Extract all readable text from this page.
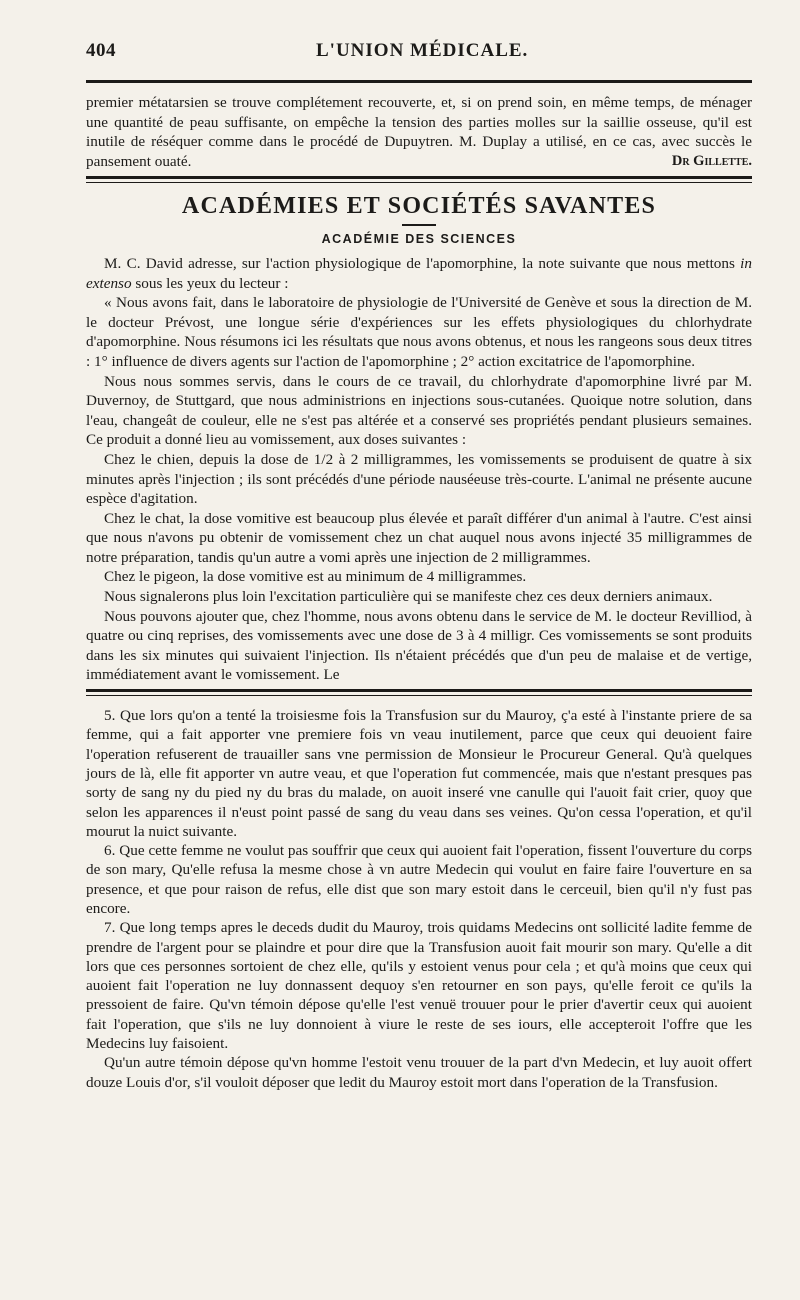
404	L'UNION MÉDICALE.

premier métatarsien se trouve complétement recouverte, et, si on prend soin, en même temps, de ménager une quantité de peau suffisante, on empêche la tension des parties molles sur la saillie osseuse, qu'il est inutile de réséquer comme dans le procédé de Dupuytren. M. Duplay a utilisé, en ce cas, avec succès le pansement ouaté.	Dr Gillette.
ACADÉMIES ET SOCIÉTÉS SAVANTES
ACADÉMIE DES SCIENCES

M. C. David adresse, sur l'action physiologique de l'apomorphine, la note suivante que nous mettons in extenso sous les yeux du lecteur :

« Nous avons fait, dans le laboratoire de physiologie de l'Université de Genève et sous la direction de M. le docteur Prévost, une longue série d'expériences sur les effets physiologiques du chlorhydrate d'apomorphine. Nous résumons ici les résultats que nous avons obtenus, et nous les rangeons sous deux titres : 1° influence de divers agents sur l'action de l'apomorphine ; 2° action excitatrice de l'apomorphine.

Nous nous sommes servis, dans le cours de ce travail, du chlorhydrate d'apomorphine livré par M. Duvernoy, de Stuttgard, que nous administrions en injections sous-cutanées. Quoique notre solution, dans l'eau, changeât de couleur, elle ne s'est pas altérée et a conservé ses propriétés pendant plusieurs semaines. Ce produit a donné lieu au vomissement, aux doses suivantes :

Chez le chien, depuis la dose de 1/2 à 2 milligrammes, les vomissements se produisent de quatre à six minutes après l'injection ; ils sont précédés d'une période nauséeuse très-courte. L'animal ne présente aucune espèce d'agitation.

Chez le chat, la dose vomitive est beaucoup plus élevée et paraît différer d'un animal à l'autre. C'est ainsi que nous n'avons pu obtenir de vomissement chez un chat auquel nous avons injecté 35 milligrammes de notre préparation, tandis qu'un autre a vomi après une injection de 2 milligrammes.

Chez le pigeon, la dose vomitive est au minimum de 4 milligrammes.

Nous signalerons plus loin l'excitation particulière qui se manifeste chez ces deux derniers animaux.

Nous pouvons ajouter que, chez l'homme, nous avons obtenu dans le service de M. le docteur Revilliod, à quatre ou cinq reprises, des vomissements avec une dose de 3 à 4 milligr. Ces vomissements se sont produits dans les six minutes qui suivaient l'injection. Ils n'étaient précédés que d'un peu de malaise et de vertige, immédiatement avant le vomissement. Le

5. Que lors qu'on a tenté la troisiesme fois la Transfusion sur du Mauroy, ç'a esté à l'instante priere de sa femme, qui a fait apporter vne premiere fois vn veau inutilement, parce que ceux qui deuoient faire l'operation refuserent de trauailler sans vne permission de Monsieur le Procureur General. Qu'à quelques jours de là, elle fit apporter vn autre veau, et que l'operation fut commencée, mais que n'estant presques pas sorty de sang ny du pied ny du bras du malade, on auoit inseré vne canulle qui l'auoit fait crier, quoy que selon les apparences il n'eust point passé de sang du veau dans ses veines. Qu'on cessa l'operation, et qu'il mourut la nuict suivante.

6. Que cette femme ne voulut pas souffrir que ceux qui auoient fait l'operation, fissent l'ouverture du corps de son mary, Qu'elle refusa la mesme chose à vn autre Medecin qui voulut en faire faire l'ouverture en sa presence, et que pour raison de refus, elle dist que son mary estoit dans le cerceuil, bien qu'il n'y fust pas encore.

7. Que long temps apres le deceds dudit du Mauroy, trois quidams Medecins ont sollicité ladite femme de prendre de l'argent pour se plaindre et pour dire que la Transfusion auoit fait mourir son mary. Qu'elle a dit lors que ces personnes sortoient de chez elle, qu'ils y estoient venus pour cela ; et qu'à moins que ceux qui auoient fait l'operation ne luy donnassent dequoy s'en retourner en son pays, qu'elle feroit ce qu'ils la pressoient de faire. Qu'vn témoin dépose qu'elle l'est venuë trouuer pour le prier d'avertir ceux qui auoient fait l'operation, que s'ils ne luy donnoient à viure le reste de ses iours, elle accepteroit l'offre que les Medecins luy faisoient.

Qu'un autre témoin dépose qu'vn homme l'estoit venu trouuer de la part d'vn Medecin, et luy auoit offert douze Louis d'or, s'il vouloit déposer que ledit du Mauroy estoit mort dans l'operation de la Transfusion.
